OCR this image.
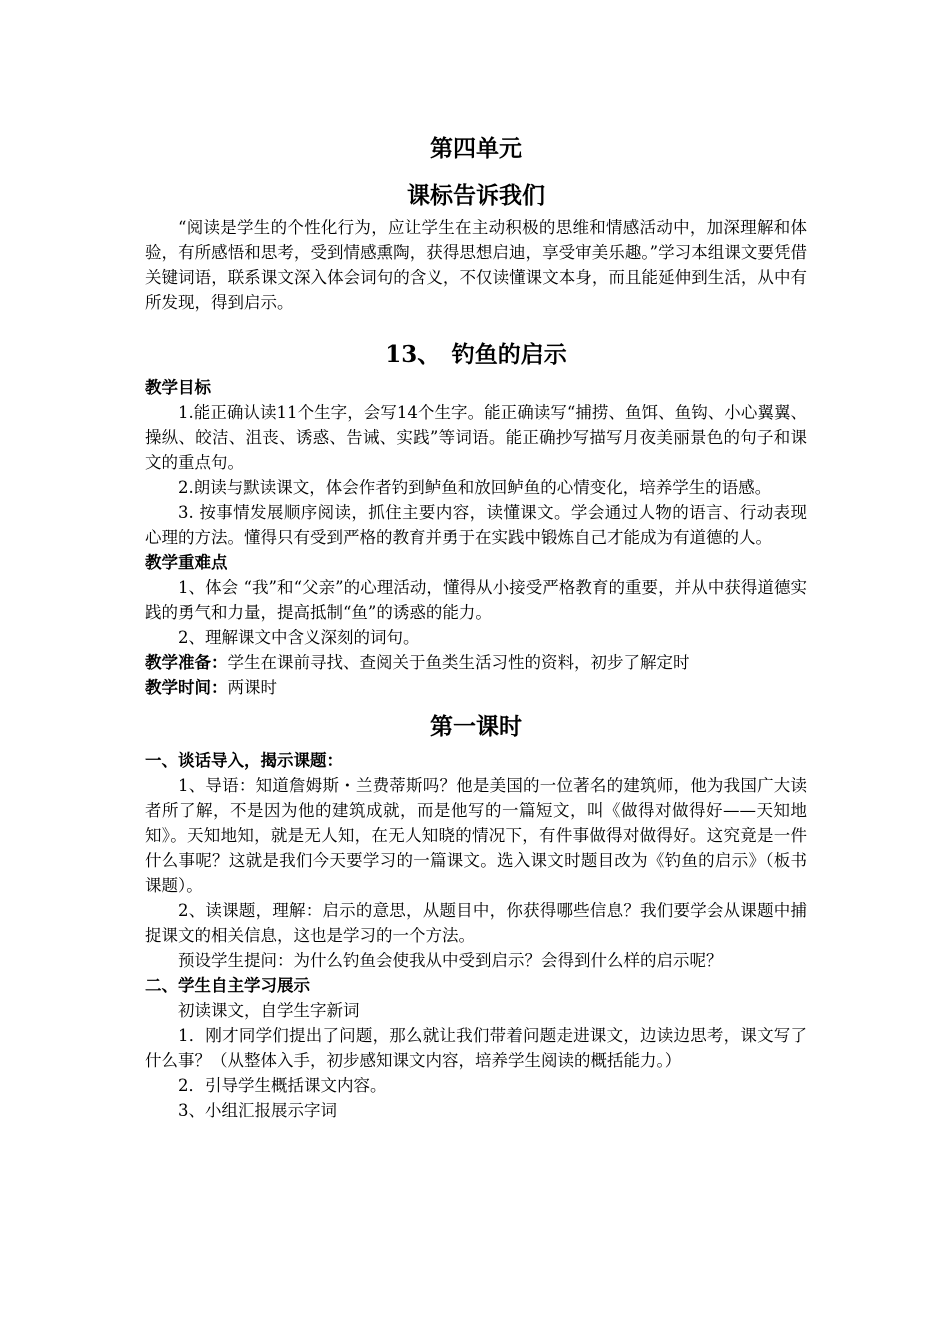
第四单元
课标告诉我们

“阅读是学生的个性化行为，应让学生在主动积极的思维和情感活动中，加深理解和体验，有所感悟和思考，受到情感熏陶，获得思想启迪，享受审美乐趣。”学习本组课文要凭借关键词语，联系课文深入体会词句的含义，不仅读懂课文本身，而且能延伸到生活，从中有所发现，得到启示。

13、　钓鱼的启示
教学目标

1.能正确认读11个生字，会写14个生字。能正确读写“捕捞、鱼饵、鱼钩、小心翼翼、操纵、皎洁、沮丧、诱惑、告诫、实践”等词语。能正确抄写描写月夜美丽景色的句子和课文的重点句。

2.朗读与默读课文，体会作者钓到鲈鱼和放回鲈鱼的心情变化，培养学生的语感。

3. 按事情发展顺序阅读，抓住主要内容，读懂课文。学会通过人物的语言、行动表现心理的方法。懂得只有受到严格的教育并勇于在实践中锻炼自己才能成为有道德的人。

教学重难点

1、体会 “我”和“父亲”的心理活动，懂得从小接受严格教育的重要，并从中获得道德实践的勇气和力量，提高抵制“鱼”的诱惑的能力。

2、理解课文中含义深刻的词句。

教学准备：学生在课前寻找、查阅关于鱼类生活习性的资料，初步了解定时

教学时间：两课时

第一课时
一、谈话导入，揭示课题：

1、导语：知道詹姆斯・兰费蒂斯吗？他是美国的一位著名的建筑师，他为我国广大读者所了解，不是因为他的建筑成就，而是他写的一篇短文，叫《做得对做得好——天知地知》。天知地知，就是无人知，在无人知晓的情况下，有件事做得对做得好。这究竟是一件什么事呢？这就是我们今天要学习的一篇课文。选入课文时题目改为《钓鱼的启示》（板书课题）。

2、读课题，理解：启示的意思，从题目中，你获得哪些信息？我们要学会从课题中捕捉课文的相关信息，这也是学习的一个方法。

预设学生提问：为什么钓鱼会使我从中受到启示？会得到什么样的启示呢？

二、学生自主学习展示

初读课文，自学生字新词

1．刚才同学们提出了问题，那么就让我们带着问题走进课文，边读边思考，课文写了什么事？（从整体入手，初步感知课文内容，培养学生阅读的概括能力。）

2．引导学生概括课文内容。

3、小组汇报展示字词
